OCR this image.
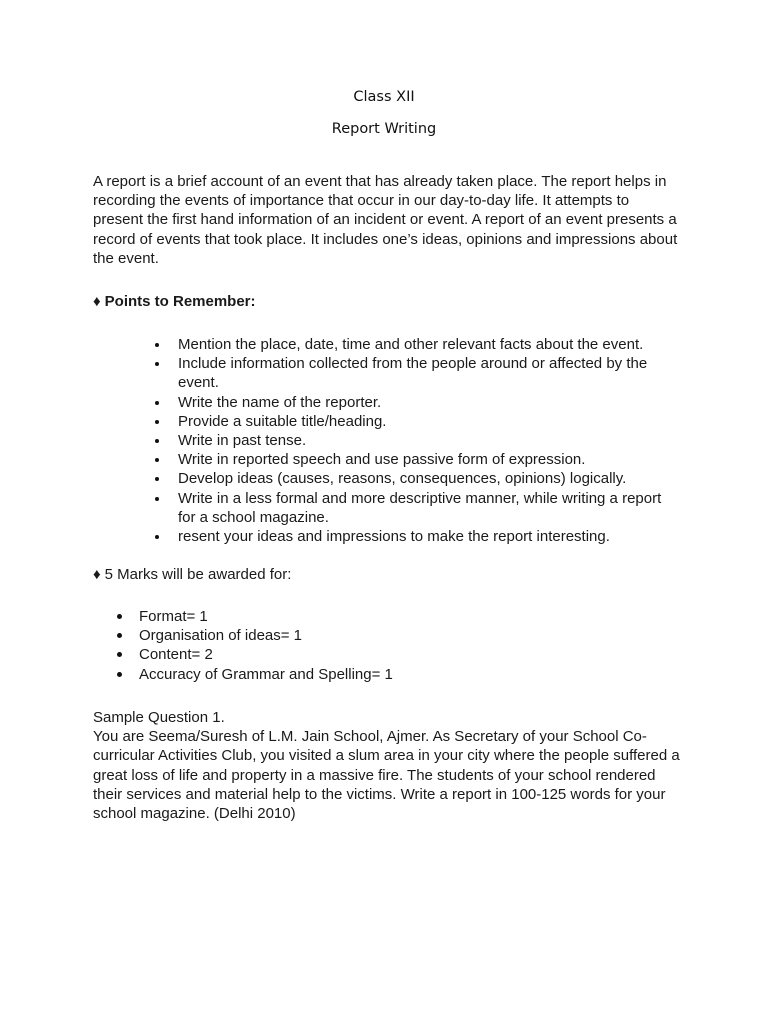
Class XII
Report Writing
A report is a brief account of an event that has already taken place. The report helps in recording the events of importance that occur in our day-to-day life. It attempts to present the first hand information of an incident or event. A report of an event presents a record of events that took place. It includes one’s ideas, opinions and impressions about the event.
♦ Points to Remember:
Mention the place, date, time and other relevant facts about the event.
Include information collected from the people around or affected by the event.
Write the name of the reporter.
Provide a suitable title/heading.
Write in past tense.
Write in reported speech and use passive form of expression.
Develop ideas (causes, reasons, consequences, opinions) logically.
Write in a less formal and more descriptive manner, while writing a report for a school magazine.
resent your ideas and impressions to make the report interesting.
♦ 5 Marks will be awarded for:
Format= 1
Organisation of ideas= 1
Content= 2
Accuracy of Grammar and Spelling= 1
Sample Question 1.
You are Seema/Suresh of L.M. Jain School, Ajmer. As Secretary of your School Co-curricular Activities Club, you visited a slum area in your city where the people suffered a great loss of life and property in a massive fire. The students of your school rendered their services and material help to the victims. Write a report in 100-125 words for your school magazine. (Delhi 2010)
